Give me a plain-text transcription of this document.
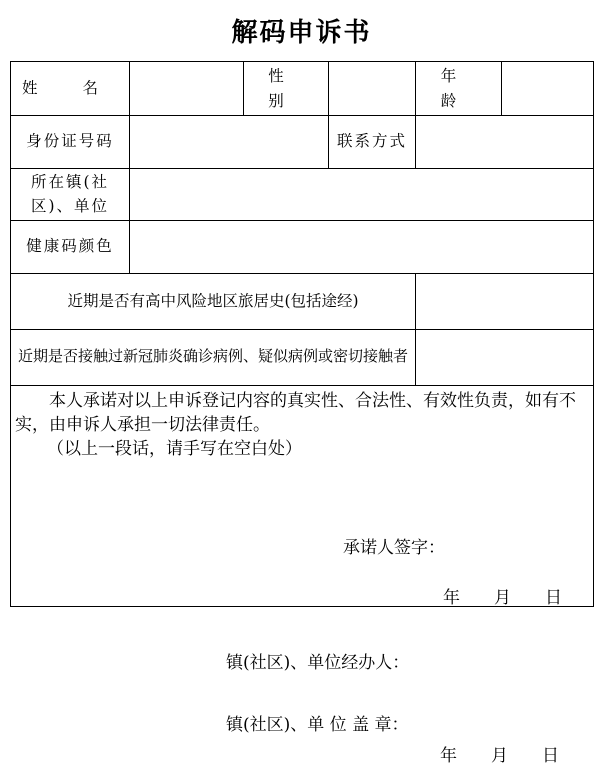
解码申诉书
姓 名
性 别
年 龄
身份证号码	联系方式
所在镇(社
区)、单位
健康码颜色
近期是否有高中风险地区旅居史(包括途经)
近期是否接触过新冠肺炎确诊病例、疑似病例或密切接触者
本人承诺对以上申诉登记内容的真实性、合法性、有效性负责，如有不实，由申诉人承担一切法律责任。
（以上一段话，请手写在空白处）
承诺人签字：
年　　月　　日
镇(社区)、单位经办人：
镇(社区)、单 位 盖 章：
年　　月　　日
